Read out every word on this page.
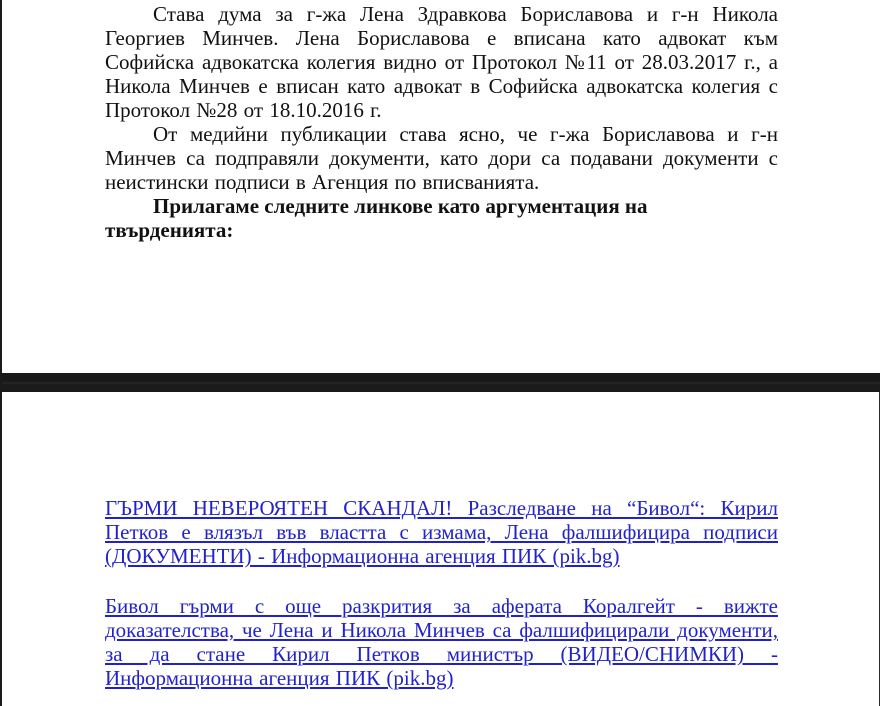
Става дума за г-жа Лена Здравкова Бориславова и г-н Никола Георгиев Минчев. Лена Бориславова е вписана като адвокат към Софийска адвокатска колегия видно от Протокол №11 от 28.03.2017 г., а Никола Минчев е вписан като адвокат в Софийска адвокатска колегия с Протокол №28 от 18.10.2016 г.

От медийни публикации става ясно, че г-жа Бориславова и г-н Минчев са подправяли документи, като дори са подавани документи с неистински подписи в Агенция по вписванията.

Прилагаме следните линкове като аргументация на твърденията:

ГЪРМИ НЕВЕРОЯТЕН СКАНДАЛ! Разследване на “Бивол“: Кирил Петков е влязъл във властта с измама, Лена фалшифицира подписи (ДОКУМЕНТИ) - Информационна агенция ПИК (pik.bg)
Бивол гърми с още разкрития за аферата Коралгейт - вижте доказателства, че Лена и Никола Минчев са фалшифицирали документи, за да стане Кирил Петков министър (ВИДЕО/СНИМКИ) - Информационна агенция ПИК (pik.bg)
